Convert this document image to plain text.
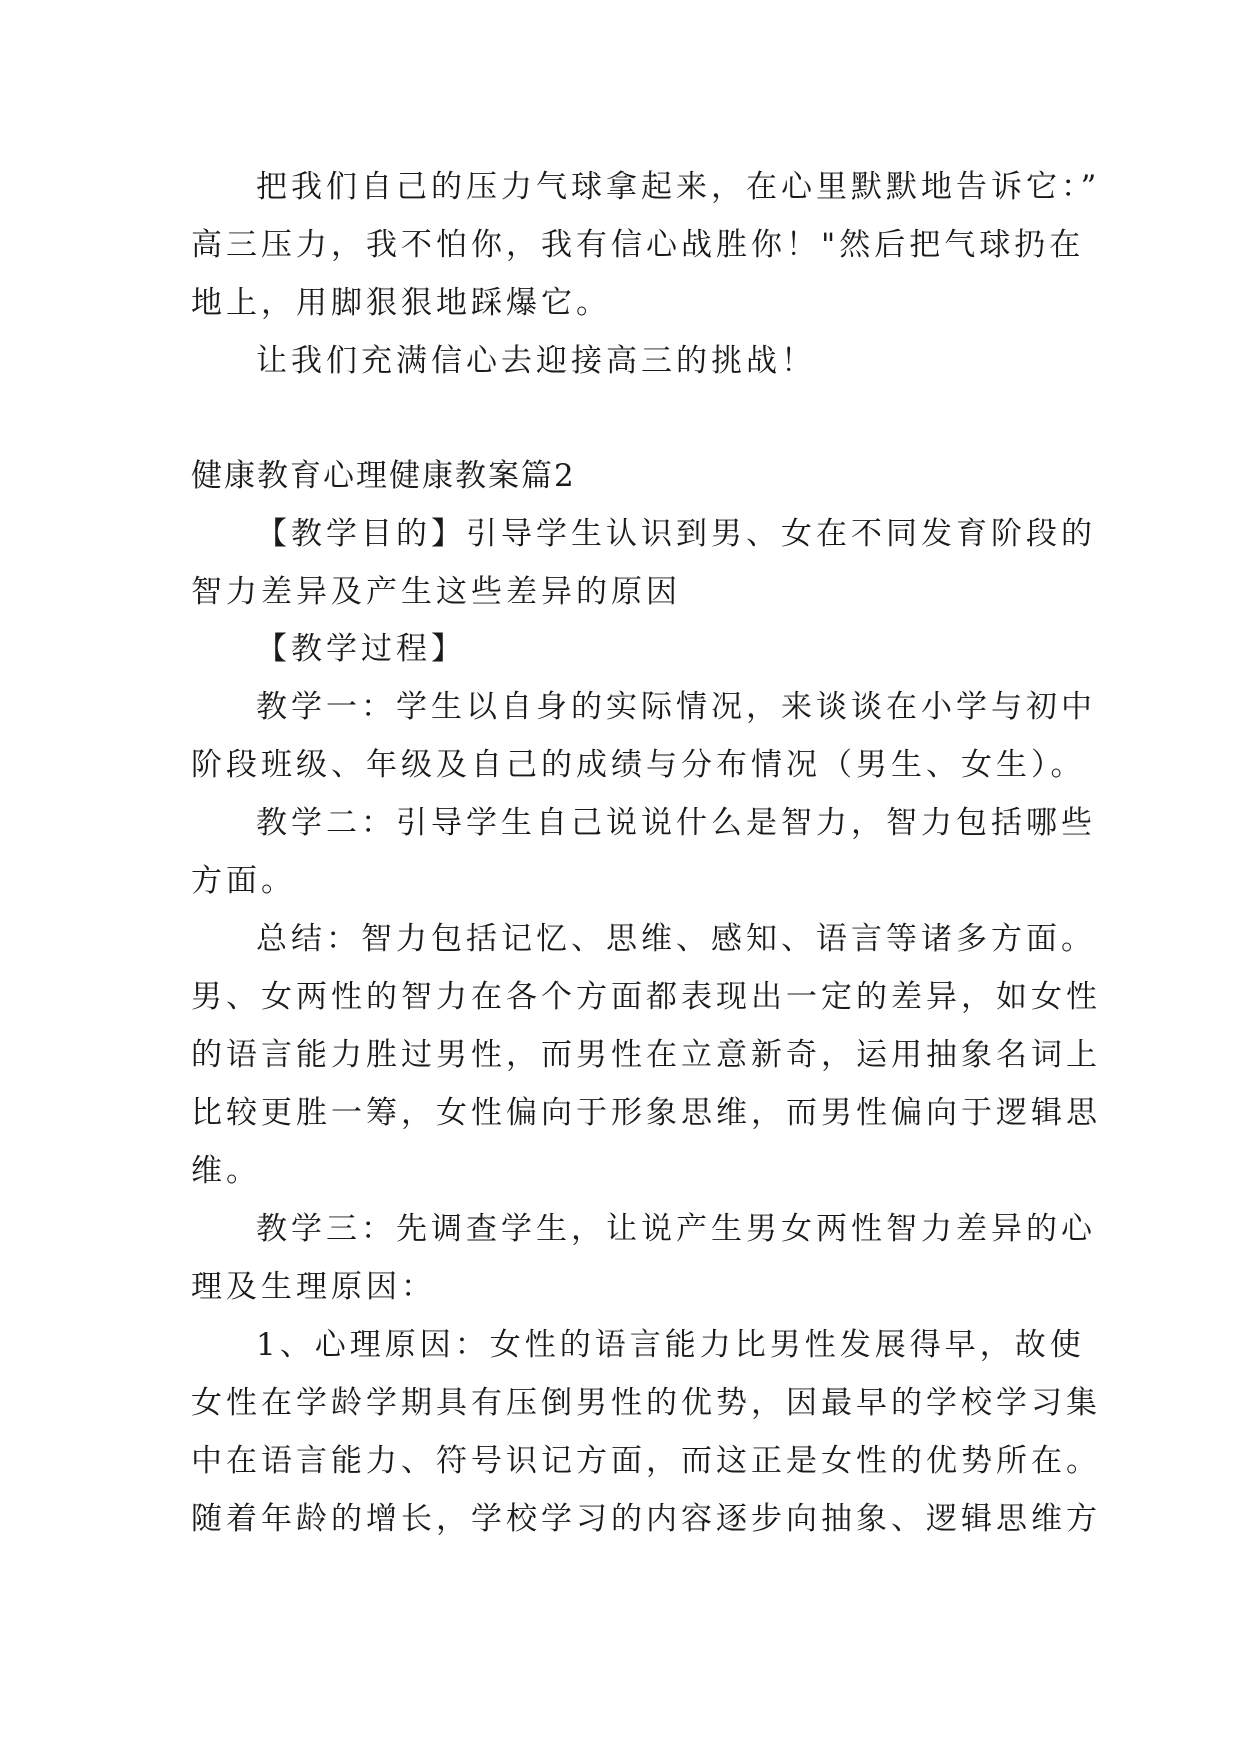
把我们自己的压力气球拿起来，在心里默默地告诉它：”
高三压力，我不怕你，我有信心战胜你！"然后把气球扔在
地上，用脚狠狠地踩爆它。
让我们充满信心去迎接高三的挑战！
健康教育心理健康教案篇2
【教学目的】引导学生认识到男、女在不同发育阶段的
智力差异及产生这些差异的原因
【教学过程】
教学一：学生以自身的实际情况，来谈谈在小学与初中
阶段班级、年级及自己的成绩与分布情况（男生、女生）。
教学二：引导学生自己说说什么是智力，智力包括哪些
方面。
总结：智力包括记忆、思维、感知、语言等诸多方面。
男、女两性的智力在各个方面都表现出一定的差异，如女性
的语言能力胜过男性，而男性在立意新奇，运用抽象名词上
比较更胜一筹，女性偏向于形象思维，而男性偏向于逻辑思
维。
教学三：先调查学生，让说产生男女两性智力差异的心
理及生理原因：
1、心理原因：女性的语言能力比男性发展得早，故使
女性在学龄学期具有压倒男性的优势，因最早的学校学习集
中在语言能力、符号识记方面，而这正是女性的优势所在。
随着年龄的增长，学校学习的内容逐步向抽象、逻辑思维方
